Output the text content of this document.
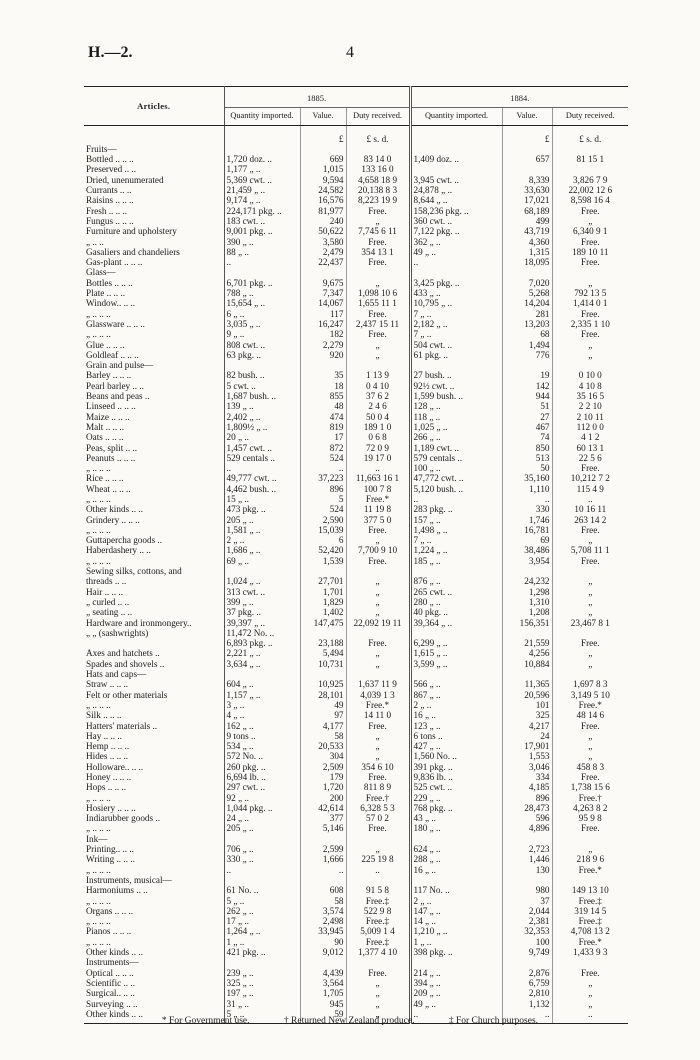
H.—2.	4
Articles.	1885.			1884.		
	Quantity imported.	Value.	Duty received.	Quantity imported.	Value.	Duty received.
		£	£ s. d.		£	£ s. d.
Fruits—						
Bottled .. .. ..	1,720 doz. ..	669	83 14 0	1,409 doz. ..	657	81 15 1
Preserved .. ..	1,177 „ ..	1,015	133 16 0			
Dried, unenumerated	5,369 cwt. ..	9,594	4,658 18 9	3,945 cwt. ..	8,339	3,826 7 9
Currants .. ..	21,459 „ ..	24,582	20,138 8 3	24,878 „ ..	33,630	22,002 12 6
Raisins .. .. ..	9,174 „ ..	16,576	8,223 19 9	8,644 „ ..	17,021	8,598 16 4
Fresh .. .. ..	224,171 pkg. ..	81,977	Free.	158,236 pkg. ..	68,189	Free.
Fungus .. .. ..	183 cwt. ..	240	„	360 cwt. ..	499	„
Furniture and upholstery	9,001 pkg. ..	50,622	7,745 6 11	7,122 pkg. ..	43,719	6,340 9 1
„ .. ..	390 „ ..	3,580	Free.	362 „ ..	4,360	Free.
Gasaliers and chandeliers	88 „ ..	2,479	354 13 1	49 „ ..	1,315	189 10 11
Gas-plant .. .. ..	..	22,437	Free.	..	18,095	Free.
Glass—						
Bottles .. .. ..	6,701 pkg. ..	9,675	„	3,425 pkg. ..	7,020	„
Plate .. .. ..	788 „ ..	7,347	1,098 10 6	433 „ ..	5,268	792 13 5
Window.. .. ..	15,654 „ ..	14,067	1,655 11 1	10,795 „ ..	14,204	1,414 0 1
„ .. .. ..	6 „ ..	117	Free.	7 „ ..	281	Free.
Glassware .. .. ..	3,035 „ ..	16,247	2,437 15 11	2,182 „ ..	13,203	2,335 1 10
„ .. .. ..	9 „ ..	182	Free.	7 „ ..	68	Free.
Glue .. .. ..	808 cwt. ..	2,279	„	504 cwt. ..	1,494	„
Goldleaf .. .. ..	63 pkg. ..	920	„	61 pkg. ..	776	„
Grain and pulse—						
Barley .. .. ..	82 bush. ..	35	1 13 9	27 bush. ..	19	0 10 0
Pearl barley .. ..	5 cwt. ..	18	0 4 10	92½ cwt. ..	142	4 10 8
Beans and peas ..	1,687 bush. ..	855	37 6 2	1,599 bush. ..	944	35 16 5
Linseed .. .. ..	139 „ ..	48	2 4 6	128 „ ..	51	2 2 10
Maize .. .. ..	2,402 „ ..	474	50 0 4	118 „ ..	27	2 10 11
Malt .. .. ..	1,809½ „ ..	819	189 1 0	1,025 „ ..	467	112 0 0
Oats .. .. ..	20 „ ..	17	0 6 8	266 „ ..	74	4 1 2
Peas, split .. ..	1,457 cwt. ..	872	72 0 9	1,189 cwt. ..	850	60 13 1
Peanuts .. .. ..	529 centals ..	524	19 17 0	579 centals ..	513	22 5 6
„ .. .. ..	..	..	..	100 „ ..	50	Free.
Rice .. .. ..	49,777 cwt. ..	37,223	11,663 16 1	47,772 cwt. ..	35,160	10,212 7 2
Wheat .. .. ..	4,462 bush. ..	896	100 7 8	5,120 bush. ..	1,110	115 4 9
„ .. .. ..	15 „ ..	5	Free.*	..	..	..
Other kinds .. ..	473 pkg. ..	524	11 19 8	283 pkg. ..	330	10 16 11
Grindery .. .. ..	205 „ ..	2,590	377 5 0	157 „ ..	1,746	263 14 2
„ .. .. ..	1,581 „ ..	15,039	Free.	1,498 „ ..	16,781	Free.
Guttapercha goods ..	2 „ ..	6	„	7 „ ..	69	„
Haberdashery .. ..	1,686 „ ..	52,420	7,700 9 10	1,224 „ ..	38,486	5,708 11 1
„ .. .. ..	69 „ ..	1,539	Free.	185 „ ..	3,954	Free.
Sewing silks, cottons, and						
threads .. ..	1,024 „ ..	27,701	„	876 „ ..	24,232	„
Hair .. .. ..	313 cwt. ..	1,701	„	265 cwt. ..	1,298	„
„ curled .. ..	399 „ ..	1,829	„	280 „ ..	1,310	„
„ seating .. ..	37 pkg. ..	1,402	„	40 pkg. ..	1,208	„
Hardware and ironmongery..	39,397 „ ..	147,475	22,092 19 11	39,364 „ ..	156,351	23,467 8 1
„ „ (sashwrights)	11,472 No. ..					
	6,893 pkg. ..	23,188	Free.	6,299 „ ..	21,559	Free.
Axes and hatchets ..	2,221 „ ..	5,494	„	1,615 „ ..	4,256	„
Spades and shovels ..	3,634 „ ..	10,731	„	3,599 „ ..	10,884	„
Hats and caps—						
Straw .. .. ..	604 „ ..	10,925	1,637 11 9	566 „ ..	11,365	1,697 8 3
Felt or other materials	1,157 „ ..	28,101	4,039 1 3	867 „ ..	20,596	3,149 5 10
„ .. .. ..	3 „ ..	49	Free.*	2 „ ..	101	Free.*
Silk .. .. ..	4 „ ..	97	14 11 0	16 „ ..	325	48 14 6
Hatters' materials ..	162 „ ..	4,177	Free.	123 „ ..	4,217	Free.
Hay .. .. ..	9 tons ..	58	„	6 tons ..	24	„
Hemp .. .. ..	534 „ ..	20,533	„	427 „ ..	17,901	„
Hides .. .. ..	572 No. ..	304	„	1,560 No. ..	1,553	„
Holloware.. .. ..	260 pkg. ..	2,509	354 6 10	391 pkg. ..	3,046	458 8 3
Honey .. .. ..	6,694 lb. ..	179	Free.	9,836 lb. ..	334	Free.
Hops .. .. ..	297 cwt. ..	1,720	811 8 9	525 cwt. ..	4,185	1,738 15 6
„ .. .. ..	92 „ ..	200	Free.†	229 „ ..	896	Free.†
Hosiery .. .. ..	1,044 pkg. ..	42,614	6,328 5 3	768 pkg. ..	28,473	4,263 8 2
Indiarubber goods ..	24 „ ..	377	57 0 2	43 „ ..	596	95 9 8
„ .. .. ..	205 „ ..	5,146	Free.	180 „ ..	4,896	Free.
Ink—						
Printing.. .. ..	706 „ ..	2,599	„	624 „ ..	2,723	„
Writing .. .. ..	330 „ ..	1,666	225 19 8	288 „ ..	1,446	218 9 6
„ .. .. ..	..	..	..	16 „ ..	130	Free.*
Instruments, musical—						
Harmoniums .. ..	61 No. ..	608	91 5 8	117 No. ..	980	149 13 10
„ .. .. ..	5 „ ..	58	Free.‡	2 „ ..	37	Free.‡
Organs .. .. ..	262 „ ..	3,574	522 9 8	147 „ ..	2,044	319 14 5
„ .. .. ..	17 „ ..	2,498	Free.‡	14 „ ..	2,381	Free.‡
Pianos .. .. ..	1,264 „ ..	33,945	5,009 1 4	1,210 „ ..	32,353	4,708 13 2
„ .. .. ..	1 „ ..	90	Free.‡	1 „ ..	100	Free.*
Other kinds .. ..	421 pkg. ..	9,012	1,377 4 10	398 pkg. ..	9,749	1,433 9 3
Instruments—						
Optical .. .. ..	239 „ ..	4,439	Free.	214 „ ..	2,876	Free.
Scientific .. ..	325 „ ..	3,564	„	394 „ ..	6,759	„
Surgical.. .. ..	197 „ ..	1,705	„	209 „ ..	2,810	„
Surveying .. ..	31 „ ..	945	„	49 „ ..	1,132	„
Other kinds .. ..	5 „ ..	59	„	..	..	..
* For Government use.	† Returned New Zealand produce.	‡ For Church purposes.
